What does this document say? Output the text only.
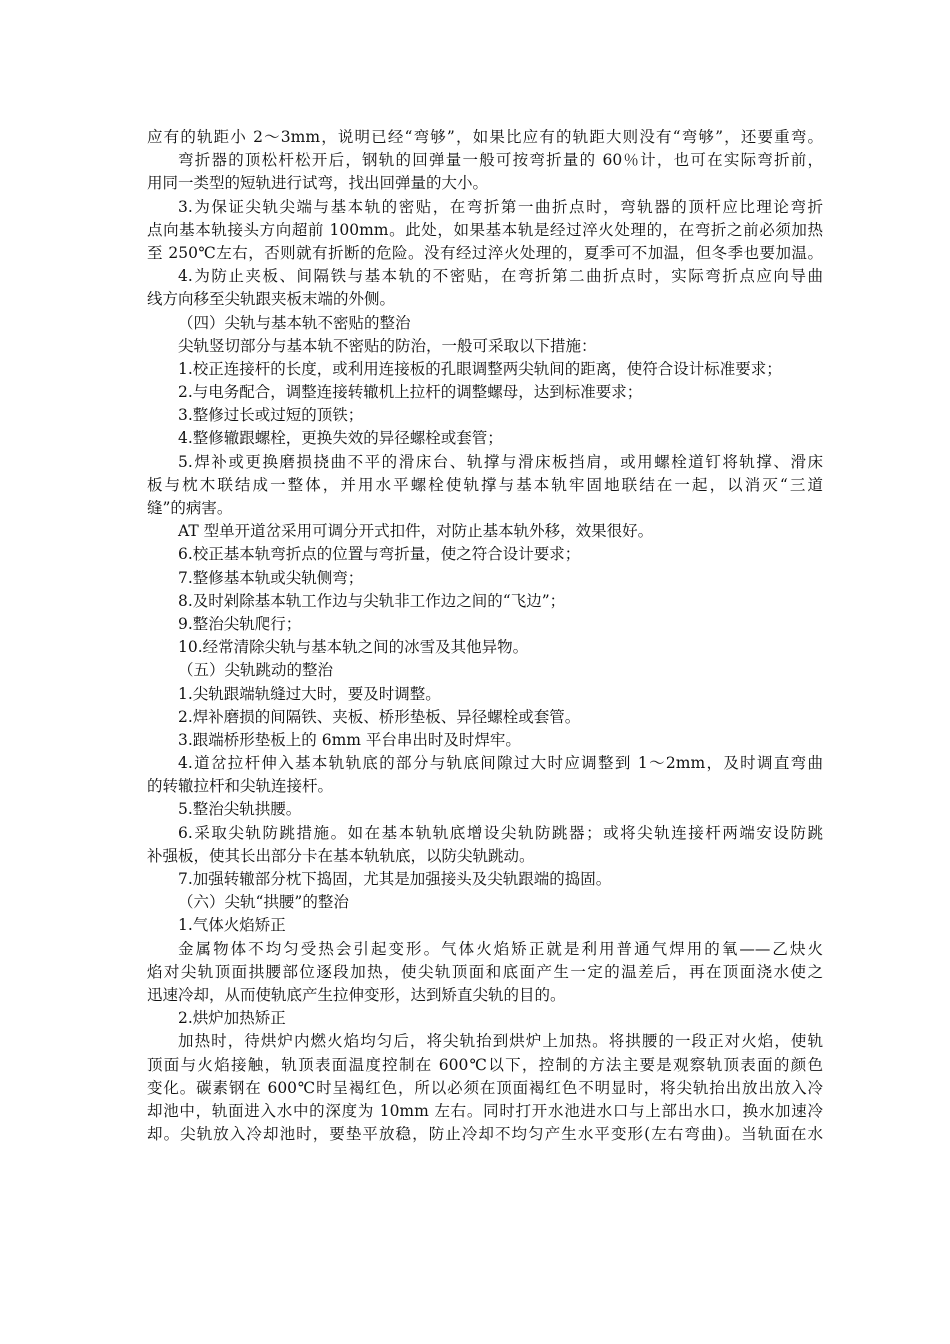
应有的轨距小 2～3mm，说明已经“弯够”，如果比应有的轨距大则没有“弯够”，还要重弯。
弯折器的顶松杆松开后，钢轨的回弹量一般可按弯折量的 60％计，也可在实际弯折前，
用同一类型的短轨进行试弯，找出回弹量的大小。
3.为保证尖轨尖端与基本轨的密贴，在弯折第一曲折点时，弯轨器的顶杆应比理论弯折
点向基本轨接头方向超前 100mm。此处，如果基本轨是经过淬火处理的，在弯折之前必须加热
至 250℃左右，否则就有折断的危险。没有经过淬火处理的，夏季可不加温，但冬季也要加温。
4.为防止夹板、间隔铁与基本轨的不密贴，在弯折第二曲折点时，实际弯折点应向导曲
线方向移至尖轨跟夹板末端的外侧。
（四）尖轨与基本轨不密贴的整治
尖轨竖切部分与基本轨不密贴的防治，一般可采取以下措施：
1.校正连接杆的长度，或利用连接板的孔眼调整两尖轨间的距离，使符合设计标准要求；
2.与电务配合，调整连接转辙机上拉杆的调整螺母，达到标准要求；
3.整修过长或过短的顶铁；
4.整修辙跟螺栓，更换失效的异径螺栓或套管；
5.焊补或更换磨损挠曲不平的滑床台、轨撑与滑床板挡肩，或用螺栓道钉将轨撑、滑床
板与枕木联结成一整体，并用水平螺栓使轨撑与基本轨牢固地联结在一起，以消灭“三道
缝”的病害。
AT 型单开道岔采用可调分开式扣件，对防止基本轨外移，效果很好。
6.校正基本轨弯折点的位置与弯折量，使之符合设计要求；
7.整修基本轨或尖轨侧弯；
8.及时剁除基本轨工作边与尖轨非工作边之间的“飞边”；
9.整治尖轨爬行；
10.经常清除尖轨与基本轨之间的冰雪及其他异物。
（五）尖轨跳动的整治
1.尖轨跟端轨缝过大时，要及时调整。
2.焊补磨损的间隔铁、夹板、桥形垫板、异径螺栓或套管。
3.跟端桥形垫板上的 6mm 平台串出时及时焊牢。
4.道岔拉杆伸入基本轨轨底的部分与轨底间隙过大时应调整到 1～2mm，及时调直弯曲
的转辙拉杆和尖轨连接杆。
5.整治尖轨拱腰。
6.采取尖轨防跳措施。如在基本轨轨底增设尖轨防跳器；或将尖轨连接杆两端安设防跳
补强板，使其长出部分卡在基本轨轨底，以防尖轨跳动。
7.加强转辙部分枕下捣固，尤其是加强接头及尖轨跟端的捣固。
（六）尖轨“拱腰”的整治
1.气体火焰矫正
金属物体不均匀受热会引起变形。气体火焰矫正就是利用普通气焊用的氧——乙炔火
焰对尖轨顶面拱腰部位逐段加热，使尖轨顶面和底面产生一定的温差后，再在顶面浇水使之
迅速冷却，从而使轨底产生拉伸变形，达到矫直尖轨的目的。
2.烘炉加热矫正
加热时，待烘炉内燃火焰均匀后，将尖轨抬到烘炉上加热。将拱腰的一段正对火焰，使轨
顶面与火焰接触，轨顶表面温度控制在 600℃以下，控制的方法主要是观察轨顶表面的颜色
变化。碳素钢在 600℃时呈褐红色，所以必须在顶面褐红色不明显时，将尖轨抬出放出放入冷
却池中，轨面进入水中的深度为 10mm 左右。同时打开水池进水口与上部出水口，换水加速冷
却。尖轨放入冷却池时，要垫平放稳，防止冷却不均匀产生水平变形(左右弯曲)。当轨面在水
